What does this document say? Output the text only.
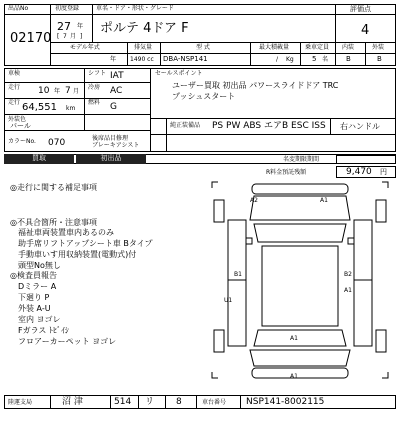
出品No
02170
初度登録
27 年
[ 7 月 ]
車名・ドア・形状・グレード
ポルテ 4ドア F
評価点
4
内装	外装
B	B
モデル年式
年
排気量
1490 cc
型 式
DBA-NSP141
最大積載量
/ Kg
乗車定員
5 名
車検	シフト IAT
走行 10 年 7 月
冷房 AC
走行 64,551 km
燃料 G
外装色
パール
カラーNo. 070	後席品目修理
ブレーキアシスト
セールスポイント
ユーザー買取 初出品 パワースライドドア TRC
プッシュスタート
純正装備品 PS PW ABS エアB ESC ISS 右ハンドル
買取	初出品	名変期限期間
R料金預託残額	9,470 円
◎走行に関する補足事項
◎不具合箇所・注意事項
福祉車両装置車内あるのみ
助手席リフトアップシート車 Bタイプ
手動車いす用収納装置(電動式)付
頭型No無し
◎検査員報告
Dミラー A
下廻り P
外装 A-U
室内 ヨゴレ
Fガラス ﾄﾋﾞｲｼ
フロアーカーペット ヨゴレ
A2	A1
B1	B2
A1
U1
A1
A1
陸運支局	沼 津	514 リ 8	車台番号 NSP141-8002115
